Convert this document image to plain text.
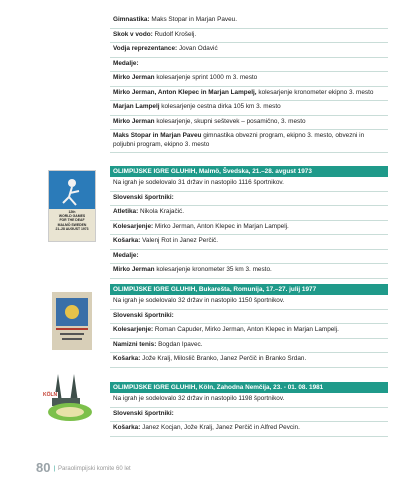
Gimnastika: Maks Stopar in Marjan Paveu.
Skok v vodo: Rudolf Krošelj.
Vodja reprezentance: Jovan Odavić
Medalje:
Mirko Jerman kolesarjenje sprint 1000 m 3. mesto
Mirko Jerman, Anton Klepec in Marjan Lampelj, kolesarjenje kronometer ekipno 3. mesto
Marjan Lampelj kolesarjenje cestna dirka 105 km 3. mesto
Mirko Jerman kolesarjenje, skupni seštevek – posamično, 3. mesto
Maks Stopar in Marjan Paveu gimnastika obvezni program, ekipno 3. mesto, obvezni in poljubni program, ekipno 3. mesto
12th
WORLD GAMES
FOR THE DEAF
MALMÖ SWEDEN
21–28 AUGUST 1973
OLIMPIJSKE IGRE GLUHIH, Malmö, Švedska, 21.–28. avgust 1973
Na igrah je sodelovalo 31 držav in nastopilo 1116 športnikov.
Slovenski športniki:
Atletika: Nikola Krajačić.
Kolesarjenje: Mirko Jerman, Anton Klepec in Marjan Lampelj.
Košarka: Valenj Rot in Janez Perčič.
Medalje:
Mirko Jerman kolesarjenje kronometer 35 km 3. mesto.
OLIMPIJSKE IGRE GLUHIH, Bukarešta, Romunija, 17.–27. julij 1977
Na igrah je sodelovalo 32 držav in nastopilo 1150 športnikov.
Slovenski športniki:
Kolesarjenje: Roman Capuder, Mirko Jerman, Anton Klepec in Marjan Lampelj.
Namizni tenis: Bogdan Ipavec.
Košarka: Jože Kralj, Miloslič Branko, Janez Perčič in Branko Srdan.
KÖLN
OLIMPIJSKE IGRE GLUHIH, Köln, Zahodna Nemčija, 23. - 01. 08. 1981
Na igrah je sodelovalo 32 držav in nastopilo 1198 športnikov.
Slovenski športniki:
Košarka: Janez Kocjan, Jože Kralj, Janez Perčič in Alfred Pevcin.
80 | Paraolimpijski komite 60 let
